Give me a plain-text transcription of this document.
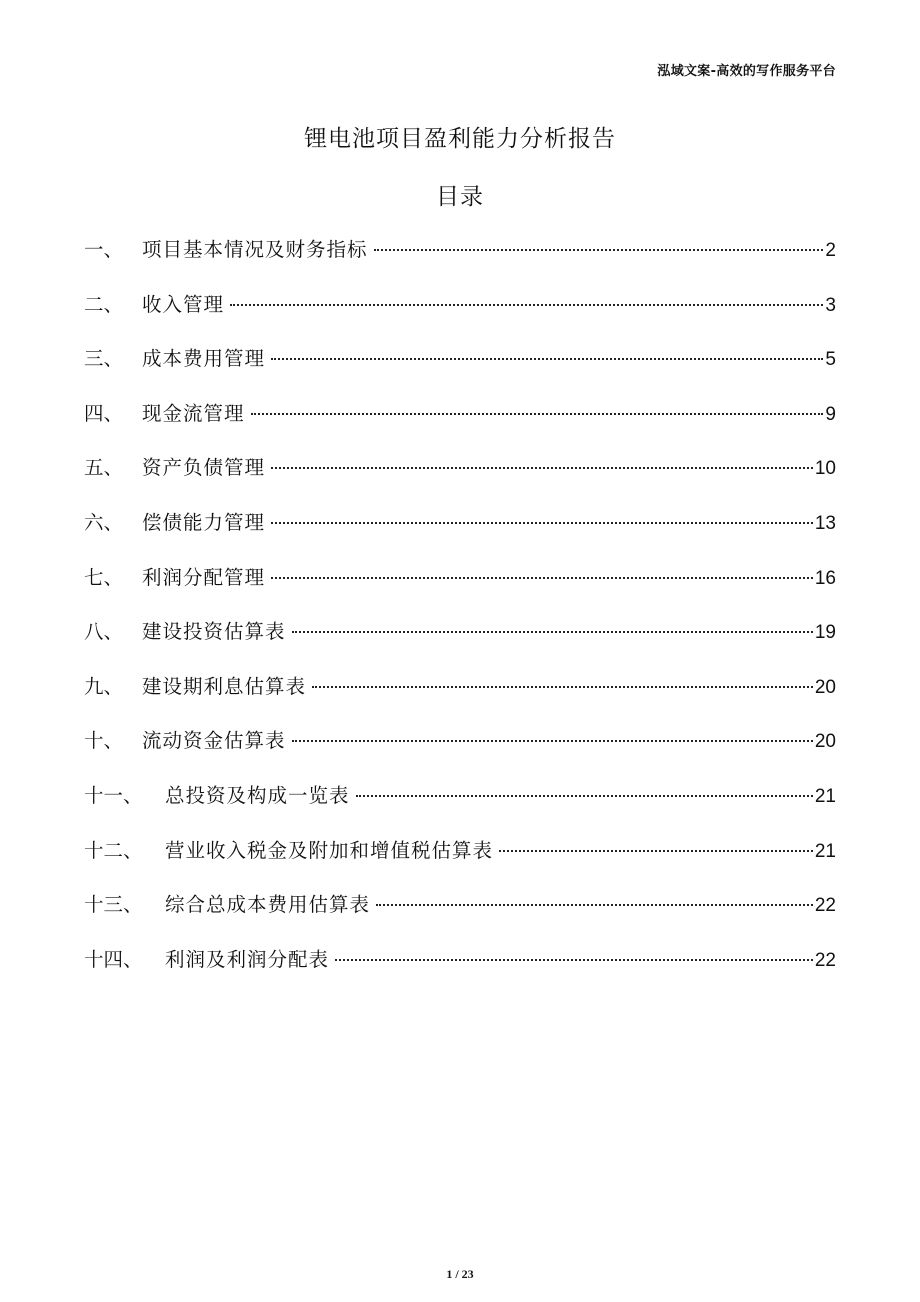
泓域文案-高效的写作服务平台
锂电池项目盈利能力分析报告
目录
一、 项目基本情况及财务指标	2
二、 收入管理	3
三、 成本费用管理	5
四、 现金流管理	9
五、 资产负债管理	10
六、 偿债能力管理	13
七、 利润分配管理	16
八、 建设投资估算表	19
九、 建设期利息估算表	20
十、 流动资金估算表	20
十一、	总投资及构成一览表	21
十二、	营业收入税金及附加和增值税估算表	21
十三、	综合总成本费用估算表	22
十四、	利润及利润分配表	22
1 / 23
